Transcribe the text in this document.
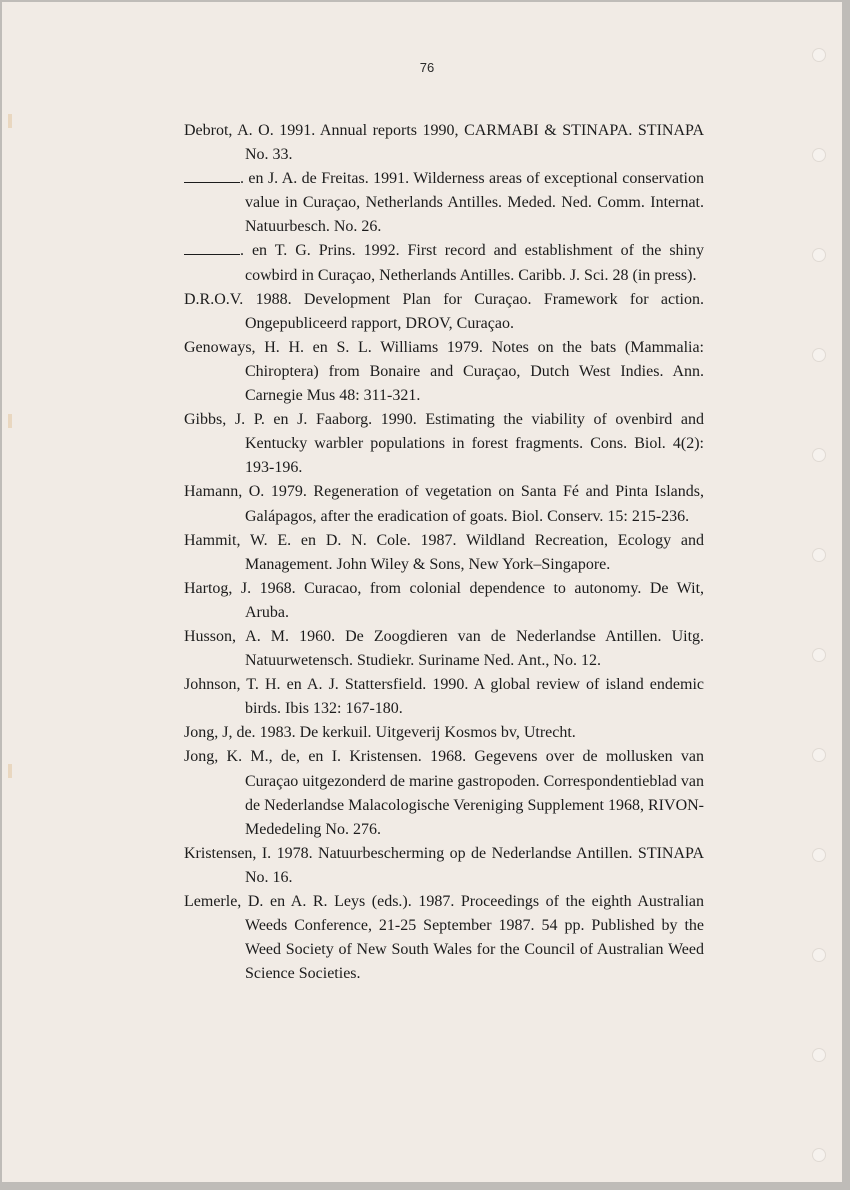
76

Debrot, A. O. 1991. Annual reports 1990, CARMABI & STINAPA. STINAPA No. 33.

. en J. A. de Freitas. 1991. Wilderness areas of exceptional conservation value in Curaçao, Netherlands Antilles. Meded. Ned. Comm. Internat. Natuurbesch. No. 26.

. en T. G. Prins. 1992. First record and establishment of the shiny cowbird in Curaçao, Netherlands Antilles. Caribb. J. Sci. 28 (in press).

D.R.O.V. 1988. Development Plan for Curaçao. Framework for action. Ongepubliceerd rapport, DROV, Curaçao.

Genoways, H. H. en S. L. Williams 1979. Notes on the bats (Mammalia: Chiroptera) from Bonaire and Curaçao, Dutch West Indies. Ann. Carnegie Mus 48: 311-321.

Gibbs, J. P. en J. Faaborg. 1990. Estimating the viability of ovenbird and Kentucky warbler populations in forest fragments. Cons. Biol. 4(2): 193-196.

Hamann, O. 1979. Regeneration of vegetation on Santa Fé and Pinta Islands, Galápagos, after the eradication of goats. Biol. Conserv. 15: 215-236.

Hammit, W. E. en D. N. Cole. 1987. Wildland Recreation, Ecology and Management. John Wiley & Sons, New York–Singapore.

Hartog, J. 1968. Curacao, from colonial dependence to autonomy. De Wit, Aruba.

Husson, A. M. 1960. De Zoogdieren van de Nederlandse Antillen. Uitg. Natuurwetensch. Studiekr. Suriname Ned. Ant., No. 12.

Johnson, T. H. en A. J. Stattersfield. 1990. A global review of island endemic birds. Ibis 132: 167-180.

Jong, J, de. 1983. De kerkuil. Uitgeverij Kosmos bv, Utrecht.

Jong, K. M., de, en I. Kristensen. 1968. Gegevens over de mollusken van Curaçao uitgezonderd de marine gastropoden. Correspondentieblad van de Nederlandse Malacologische Vereniging Supplement 1968, RIVON-Mededeling No. 276.

Kristensen, I. 1978. Natuurbescherming op de Nederlandse Antillen. STINAPA No. 16.

Lemerle, D. en A. R. Leys (eds.). 1987. Proceedings of the eighth Australian Weeds Conference, 21-25 September 1987. 54 pp. Published by the Weed Society of New South Wales for the Council of Australian Weed Science Societies.
